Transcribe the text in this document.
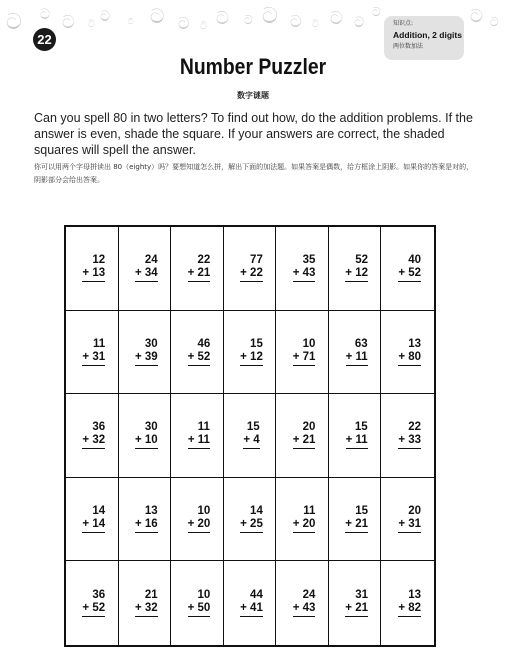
ට ට ට ට ට ට ට ට ට ට ට ට ට ට ට ට
ට	ට ට
22
知识点:
Addition, 2 digits
两位数加法
Number Puzzler
数字谜题

Can you spell 80 in two letters? To find out how, do the addition problems. If the answer is even, shade the square. If your answers are correct, the shaded squares will spell the answer.

你可以用两个字母拼读出 80（eighty）吗？要想知道怎么拼，解出下面的加法题。如果答案是偶数，给方框涂上阴影。如果你的答案是对的，阴影部分会给出答案。

12
+ 13
24
+ 34
22
+ 21
77
+ 22
35
+ 43
52
+ 12
40
+ 52
11
+ 31
30
+ 39
46
+ 52
15
+ 12
10
+ 71
63
+ 11
13
+ 80
36
+ 32
30
+ 10
11
+ 11
15
+ 4
20
+ 21
15
+ 11
22
+ 33
14
+ 14
13
+ 16
10
+ 20
14
+ 25
11
+ 20
15
+ 21
20
+ 31
36
+ 52
21
+ 32
10
+ 50
44
+ 41
24
+ 43
31
+ 21
13
+ 82
